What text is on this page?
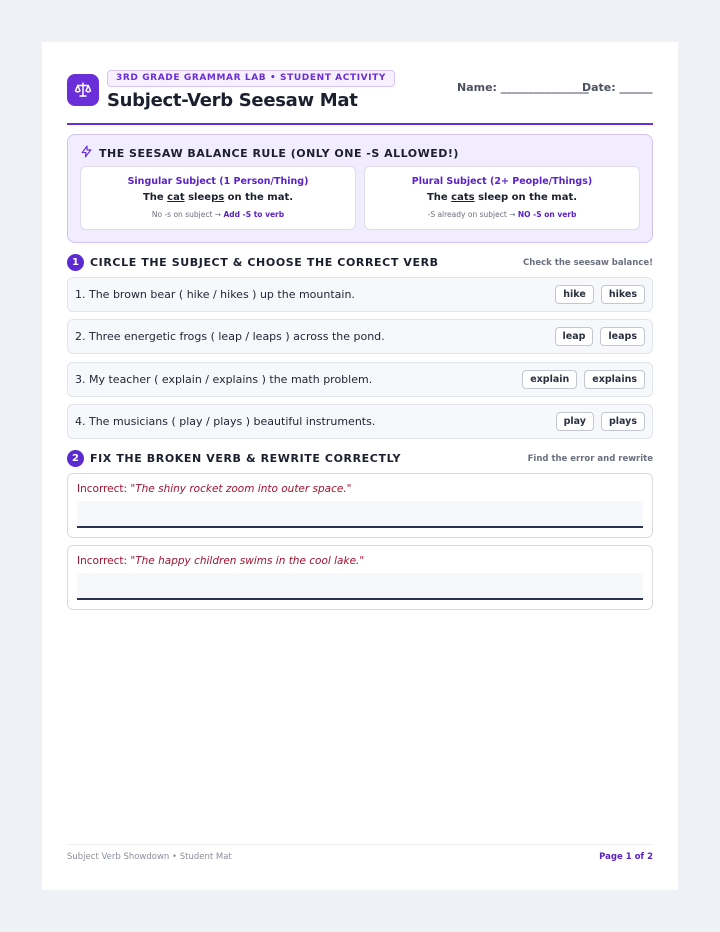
3RD GRADE GRAMMAR LAB • STUDENT ACTIVITY
Subject-Verb Seesaw Mat
Name: ________________
Date: ______
THE SEESAW BALANCE RULE (ONLY ONE -S ALLOWED!)
Singular Subject (1 Person/Thing)
The cat sleeps on the mat.
No -s on subject → Add -S to verb
Plural Subject (2+ People/Things)
The cats sleep on the mat.
-S already on subject → NO -S on verb
1	CIRCLE THE SUBJECT & CHOOSE THE CORRECT VERB	Check the seesaw balance!
1. The brown bear ( hike / hikes ) up the mountain.	hike	hikes
2. Three energetic frogs ( leap / leaps ) across the pond.	leap	leaps
3. My teacher ( explain / explains ) the math problem.	explain	explains
4. The musicians ( play / plays ) beautiful instruments.	play	plays
2	FIX THE BROKEN VERB & REWRITE CORRECTLY	Find the error and rewrite
Incorrect: "The shiny rocket zoom into outer space."
Incorrect: "The happy children swims in the cool lake."
Subject Verb Showdown • Student Mat	Page 1 of 2
